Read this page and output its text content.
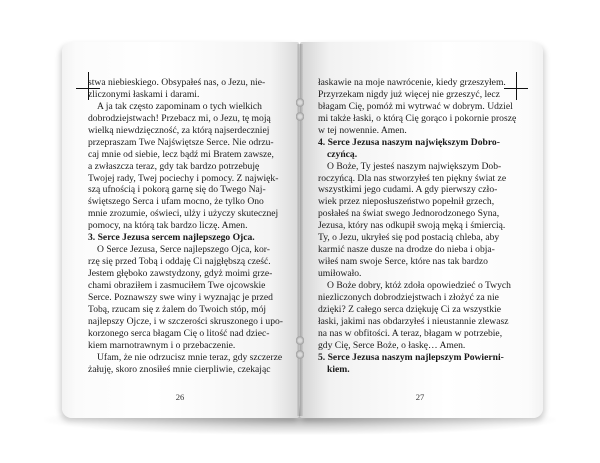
stwa niebieskiego. Obsypałeś nas, o Jezu, nie-
zliczonymi łaskami i darami.
A ja tak często zapominam o tych wielkich
dobrodziejstwach! Przebacz mi, o Jezu, tę moją
wielką niewdzięczność, za którą najserdeczniej
przepraszam Twe Najświętsze Serce. Nie odrzu-
caj mnie od siebie, lecz bądź mi Bratem zawsze,
a zwłaszcza teraz, gdy tak bardzo potrzebuję
Twojej rady, Twej pociechy i pomocy. Z najwięk-
szą ufnością i pokorą garnę się do Twego Naj-
świętszego Serca i ufam mocno, że tylko Ono
mnie zrozumie, oświeci, ulży i użyczy skutecznej
pomocy, na którą tak bardzo liczę. Amen.
3. Serce Jezusa sercem najlepszego Ojca.
O Serce Jezusa, Serce najlepszego Ojca, kor-
rzę się przed Tobą i oddaję Ci najgłębszą cześć.
Jestem głęboko zawstydzony, gdyż moimi grze-
chami obraziłem i zasmuciłem Twe ojcowskie
Serce. Poznawszy swe winy i wyznając je przed
Tobą, rzucam się z żalem do Twoich stóp, mój
najlepszy Ojcze, i w szczerości skruszonego i upo-
korzonego serca błagam Cię o litość nad dziec-
kiem marnotrawnym i o przebaczenie.
Ufam, że nie odrzucisz mnie teraz, gdy szczerze
żałuję, skoro znosiłeś mnie cierpliwie, czekając
łaskawie na moje nawrócenie, kiedy grzeszyłem.
Przyrzekam nigdy już więcej nie grzeszyć, lecz
błagam Cię, pomóż mi wytrwać w dobrym. Udziel
mi także łaski, o którą Cię gorąco i pokornie proszę
w tej nowennie. Amen.
4. Serce Jezusa naszym największym Dobro-
czyńcą.
O Boże, Ty jesteś naszym największym Dob-
roczyńcą. Dla nas stworzyłeś ten piękny świat ze
wszystkimi jego cudami. A gdy pierwszy czło-
wiek przez nieposłuszeństwo popełnił grzech,
posłałeś na świat swego Jednorodzonego Syna,
Jezusa, który nas odkupił swoją męką i śmiercią.
Ty, o Jezu, ukryłeś się pod postacią chleba, aby
karmić nasze dusze na drodze do nieba i obja-
wiłeś nam swoje Serce, które nas tak bardzo
umiłowało.
O Boże dobry, któż zdoła opowiedzieć o Twych
niezliczonych dobrodziejstwach i złożyć za nie
dzięki? Z całego serca dziękuję Ci za wszystkie
łaski, jakimi nas obdarzyłeś i nieustannie zlewasz
na nas w obfitości. A teraz, błagam w potrzebie,
gdy Cię, Serce Boże, o łaskę… Amen.
5. Serce Jezusa naszym najlepszym Powierni-
kiem.
26	27
